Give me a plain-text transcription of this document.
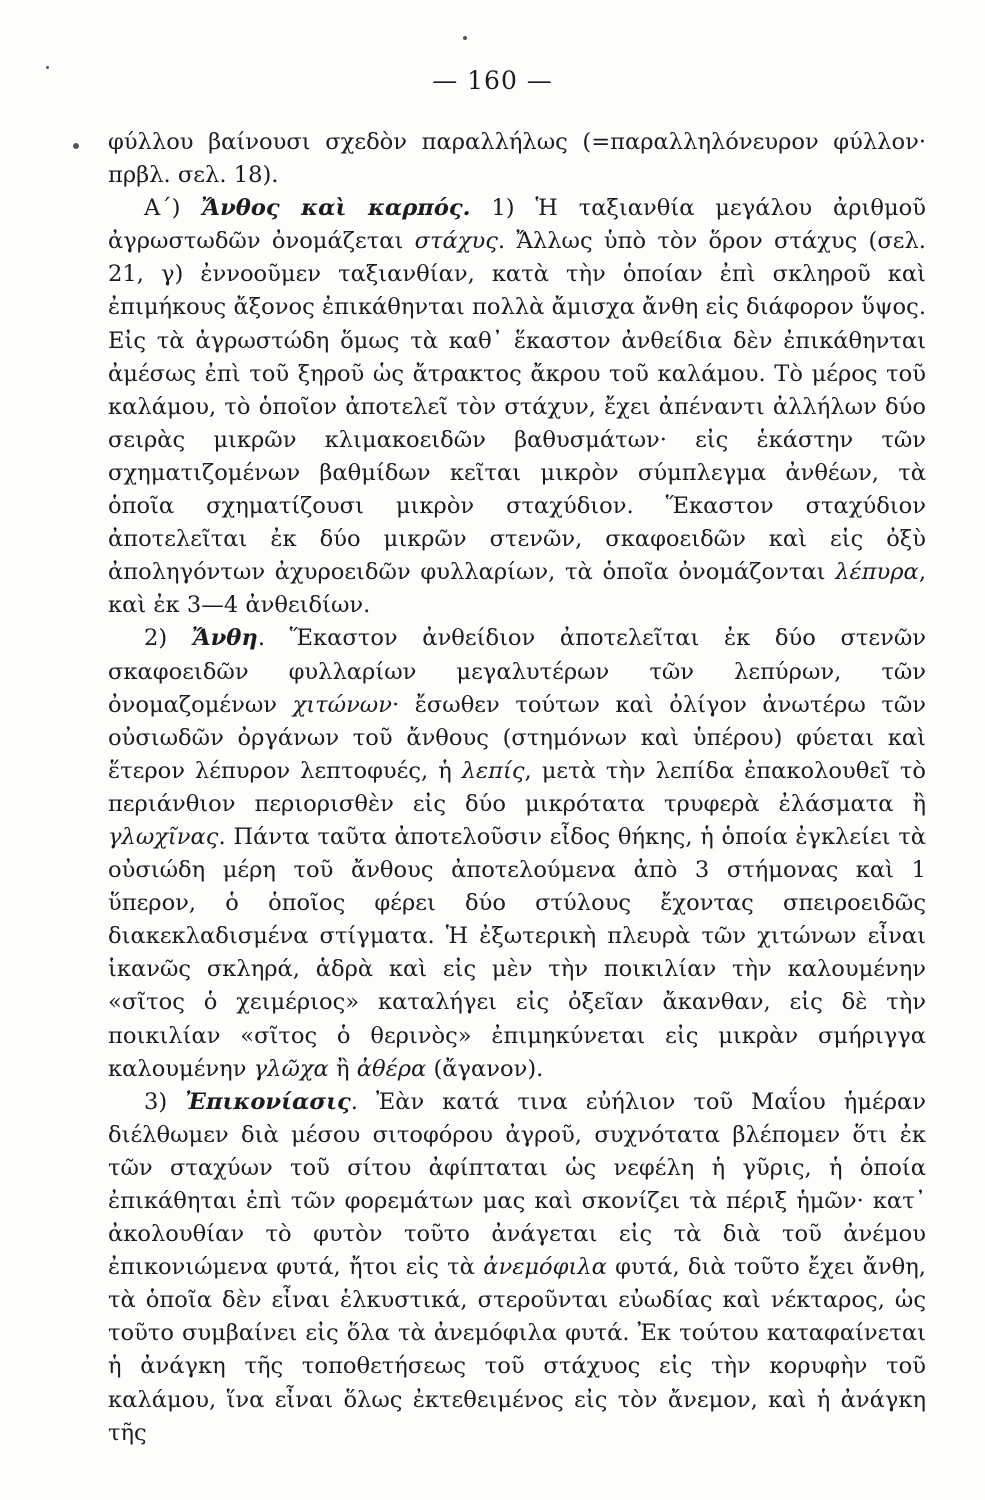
— 160 —

φύλλου βαίνουσι σχεδὸν παραλλήλως (=παραλληλόνευρον φύλλον· πρβλ. σελ. 18).

Α΄) Ἄνθος καὶ καρπός. 1) Ἡ ταξιανθία μεγάλου ἀριθμοῦ ἀγρωστωδῶν ὀνομάζεται στάχυς. Ἄλλως ὑπὸ τὸν ὅρον στάχυς (σελ. 21, γ) ἐννοοῦμεν ταξιανθίαν, κατὰ τὴν ὁποίαν ἐπὶ σκληροῦ καὶ ἐπιμήκους ἄξονος ἐπικάθηνται πολλὰ ἄμισχα ἄνθη εἰς διάφορον ὕψος. Εἰς τὰ ἀγρωστώδη ὅμως τὰ καθ᾽ ἕκαστον ἀνθείδια δὲν ἐπικάθηνται ἀμέσως ἐπὶ τοῦ ξηροῦ ὡς ἄτρακτος ἄκρου τοῦ καλάμου. Τὸ μέρος τοῦ καλάμου, τὸ ὁποῖον ἀποτελεῖ τὸν στάχυν, ἔχει ἀπέναντι ἀλλήλων δύο σειρὰς μικρῶν κλιμακοειδῶν βαθυσμάτων· εἰς ἑκάστην τῶν σχηματιζομένων βαθμίδων κεῖται μικρὸν σύμπλεγμα ἀνθέων, τὰ ὁποῖα σχηματίζουσι μικρὸν σταχύδιον. Ἕκαστον σταχύδιον ἀποτελεῖται ἐκ δύο μικρῶν στενῶν, σκαφοειδῶν καὶ εἰς ὀξὺ ἀποληγόντων ἀχυροειδῶν φυλλαρίων, τὰ ὁποῖα ὀνομάζονται λέπυρα, καὶ ἐκ 3—4 ἀνθειδίων.

2) Ἄνθη. Ἕκαστον ἀνθείδιον ἀποτελεῖται ἐκ δύο στενῶν σκαφοειδῶν φυλλαρίων μεγαλυτέρων τῶν λεπύρων, τῶν ὀνομαζομένων χιτώνων· ἔσωθεν τούτων καὶ ὀλίγον ἀνωτέρω τῶν οὐσιωδῶν ὀργάνων τοῦ ἄνθους (στημόνων καὶ ὑπέρου) φύεται καὶ ἕτερον λέπυρον λεπτοφυές, ἡ λεπίς, μετὰ τὴν λεπίδα ἐπακολουθεῖ τὸ περιάνθιον περιορισθὲν εἰς δύο μικρότατα τρυφερὰ ἐλάσματα ἢ γλωχῖνας. Πάντα ταῦτα ἀποτελοῦσιν εἶδος θήκης, ἡ ὁποία ἐγκλείει τὰ οὐσιώδη μέρη τοῦ ἄνθους ἀποτελούμενα ἀπὸ 3 στήμονας καὶ 1 ὕπερον, ὁ ὁποῖος φέρει δύο στύλους ἔχοντας σπειροειδῶς διακεκλαδισμένα στίγματα. Ἡ ἐξωτερικὴ πλευρὰ τῶν χιτώνων εἶναι ἱκανῶς σκληρά, ἁδρὰ καὶ εἰς μὲν τὴν ποικιλίαν τὴν καλουμένην «σῖτος ὁ χειμέριος» καταλήγει εἰς ὀξεῖαν ἄκανθαν, εἰς δὲ τὴν ποικιλίαν «σῖτος ὁ θερινὸς» ἐπιμηκύνεται εἰς μικρὰν σμήριγγα καλουμένην γλῶχα ἢ ἀθέρα (ἄγανον).

3) Ἐπικονίασις. Ἐὰν κατά τινα εὐήλιον τοῦ Μαΐου ἡμέραν διέλθωμεν διὰ μέσου σιτοφόρου ἀγροῦ, συχνότατα βλέπομεν ὅτι ἐκ τῶν σταχύων τοῦ σίτου ἀφίπταται ὡς νεφέλη ἡ γῦρις, ἡ ὁποία ἐπικάθηται ἐπὶ τῶν φορεμάτων μας καὶ σκονίζει τὰ πέριξ ἡμῶν· κατ᾽ ἀκολουθίαν τὸ φυτὸν τοῦτο ἀνάγεται εἰς τὰ διὰ τοῦ ἀνέμου ἐπικονιώμενα φυτά, ἤτοι εἰς τὰ ἀνεμόφιλα φυτά, διὰ τοῦτο ἔχει ἄνθη, τὰ ὁποῖα δὲν εἶναι ἑλκυστικά, στεροῦνται εὐωδίας καὶ νέκταρος, ὡς τοῦτο συμβαίνει εἰς ὅλα τὰ ἀνεμόφιλα φυτά. Ἐκ τούτου καταφαίνεται ἡ ἀνάγκη τῆς τοποθετήσεως τοῦ στάχυος εἰς τὴν κορυφὴν τοῦ καλάμου, ἵνα εἶναι ὅλως ἐκτεθειμένος εἰς τὸν ἄνεμον, καὶ ἡ ἀνάγκη τῆς
